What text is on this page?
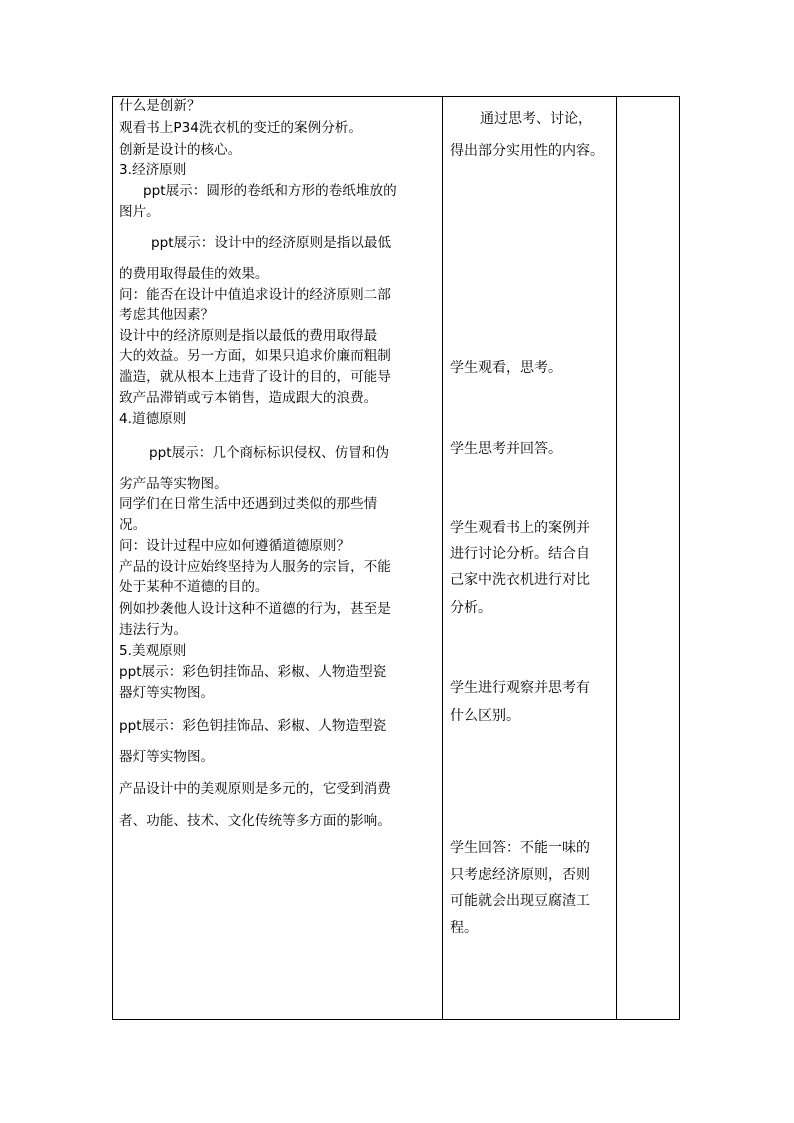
什么是创新？
观看书上P34洗衣机的变迁的案例分析。
创新是设计的核心。
3.经济原则
ppt展示：圆形的卷纸和方形的卷纸堆放的
图片。
ppt展示：设计中的经济原则是指以最低
的费用取得最佳的效果。
问：能否在设计中值追求设计的经济原则二部
考虑其他因素？
设计中的经济原则是指以最低的费用取得最
大的效益。另一方面，如果只追求价廉而粗制
滥造，就从根本上违背了设计的目的，可能导
致产品滞销或亏本销售，造成跟大的浪费。
4.道德原则
ppt展示：几个商标标识侵权、仿冒和伪
劣产品等实物图。
同学们在日常生活中还遇到过类似的那些情
况。
问：设计过程中应如何遵循道德原则？
产品的设计应始终坚持为人服务的宗旨，不能
处于某种不道德的目的。
例如抄袭他人设计这种不道德的行为，甚至是
违法行为。
5.美观原则
ppt展示：彩色钥挂饰品、彩椒、人物造型瓷
器灯等实物图。
ppt展示：彩色钥挂饰品、彩椒、人物造型瓷
器灯等实物图。
产品设计中的美观原则是多元的，它受到消费
者、功能、技术、文化传统等多方面的影响。
通过思考、讨论，
得出部分实用性的内容。
学生观看，思考。
学生思考并回答。
学生观看书上的案例并
进行讨论分析。结合自
己家中洗衣机进行对比
分析。
学生进行观察并思考有
什么区别。
学生回答：不能一味的
只考虑经济原则，否则
可能就会出现豆腐渣工
程。
